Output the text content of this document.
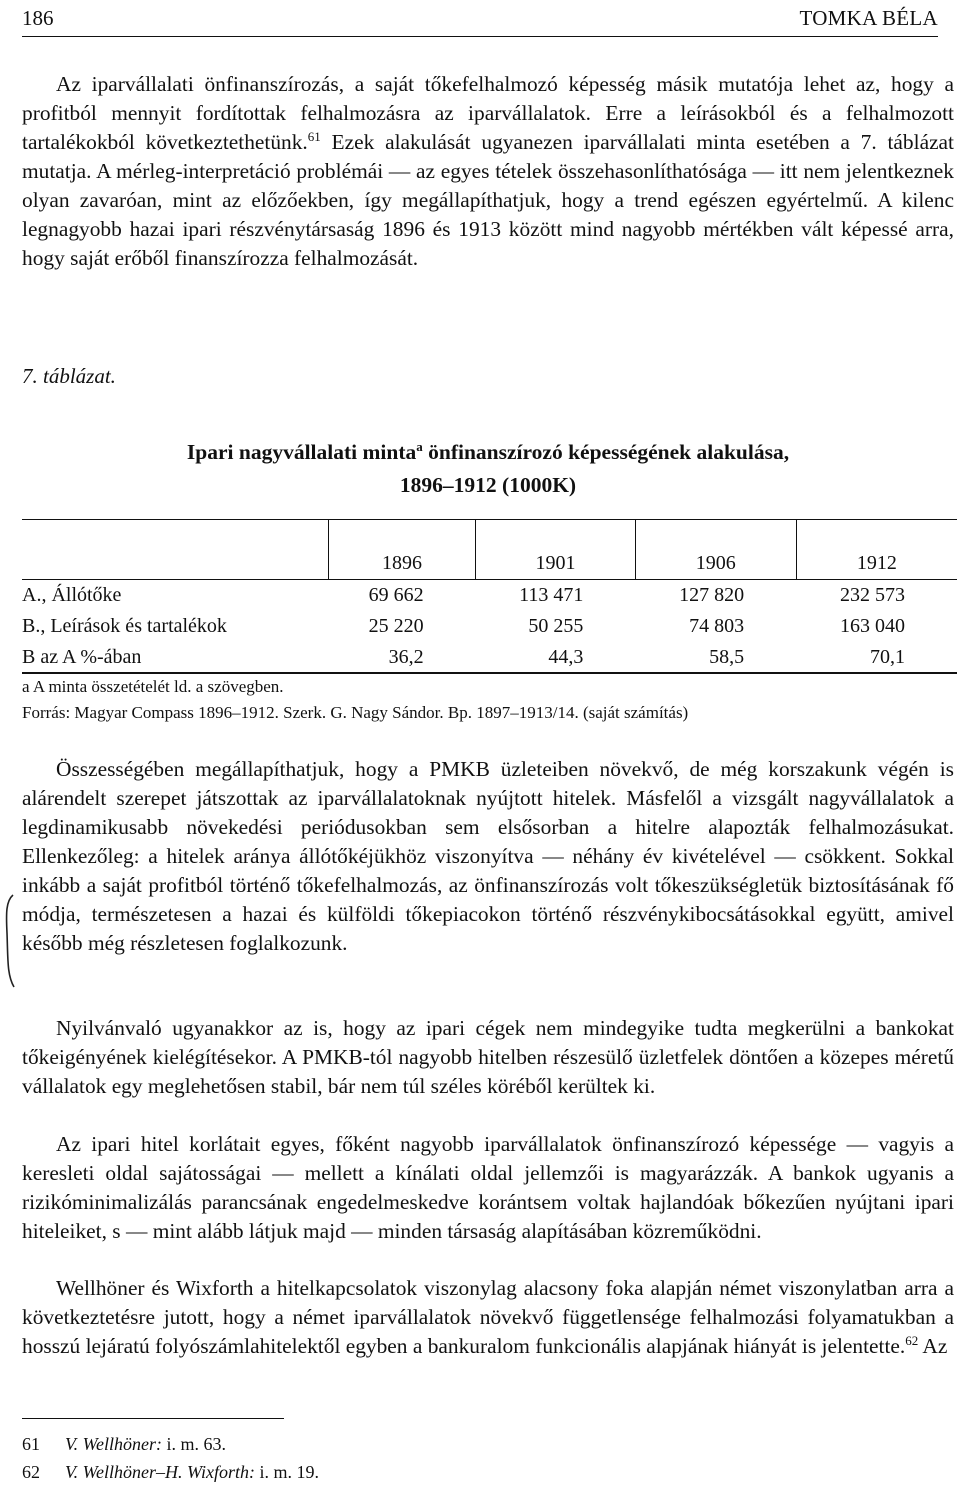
186	TOMKA BÉLA

Az iparvállalati önfinanszírozás, a saját tőkefelhalmozó képesség másik mutatója lehet az, hogy a profitból mennyit fordítottak felhalmozásra az iparvállalatok. Erre a leírásokból és a felhalmozott tartalékokból következtethetünk.$^{61}$ Ezek alakulását ugyanezen iparvállalati minta esetében a 7. táblázat mutatja. A mérleg-interpretáció problémái — az egyes tételek összehasonlíthatósága — itt nem jelentkeznek olyan zavaróan, mint az előzőekben, így megállapíthatjuk, hogy a trend egészen egyértelmű. A kilenc legnagyobb hazai ipari részvénytársaság 1896 és 1913 között mind nagyobb mértékben vált képessé arra, hogy saját erőből finanszírozza felhalmozását.

7. táblázat.
Ipari nagyvállalati minta$^a$ önfinanszírozó képességének alakulása,
1896–1912 (1000K)
	1896	1901	1906	1912
A., Állótőke	69 662	113 471	127 820	232 573
B., Leírások és tartalékok	25 220	50 255	74 803	163 040
B az A %-ában	36,2	44,3	58,5	70,1

a A minta összetételét ld. a szövegben.

Forrás: Magyar Compass 1896–1912. Szerk. G. Nagy Sándor. Bp. 1897–1913/14. (saját számítás)

Összességében megállapíthatjuk, hogy a PMKB üzleteiben növekvő, de még korszakunk végén is alárendelt szerepet játszottak az iparvállalatoknak nyújtott hitelek. Másfelől a vizsgált nagyvállalatok a legdinamikusabb növekedési periódusokban sem elsősorban a hitelre alapozták felhalmozásukat. Ellenkezőleg: a hitelek aránya állótőkéjükhöz viszonyítva — néhány év kivételével — csökkent. Sokkal inkább a saját profitból történő tőkefelhalmozás, az önfinanszírozás volt tőkeszükségletük biztosításának fő módja, természetesen a hazai és külföldi tőkepiacokon történő részvénykibocsátásokkal együtt, amivel később még részletesen foglalkozunk.

Nyilvánvaló ugyanakkor az is, hogy az ipari cégek nem mindegyike tudta megkerülni a bankokat tőkeigényének kielégítésekor. A PMKB-tól nagyobb hitelben részesülő üzletfelek döntően a közepes méretű vállalatok egy meglehetősen stabil, bár nem túl széles köréből kerültek ki.

Az ipari hitel korlátait egyes, főként nagyobb iparvállalatok önfinanszírozó képessége — vagyis a keresleti oldal sajátosságai — mellett a kínálati oldal jellemzői is magyarázzák. A bankok ugyanis a rizikóminimalizálás parancsának engedelmeskedve korántsem voltak hajlandóak bőkezűen nyújtani ipari hiteleiket, s — mint alább látjuk majd — minden társaság alapításában közreműködni.

Wellhöner és Wixforth a hitelkapcsolatok viszonylag alacsony foka alapján német viszonylatban arra a következtetésre jutott, hogy a német iparvállalatok növekvő függetlensége felhalmozási folyamatukban a hosszú lejáratú folyószámlahitelektől egyben a bankuralom funkcionális alapjának hiányát is jelentette.$^{62}$ Az

61 V. Wellhöner: i. m. 63.
62 V. Wellhöner–H. Wixforth: i. m. 19.
